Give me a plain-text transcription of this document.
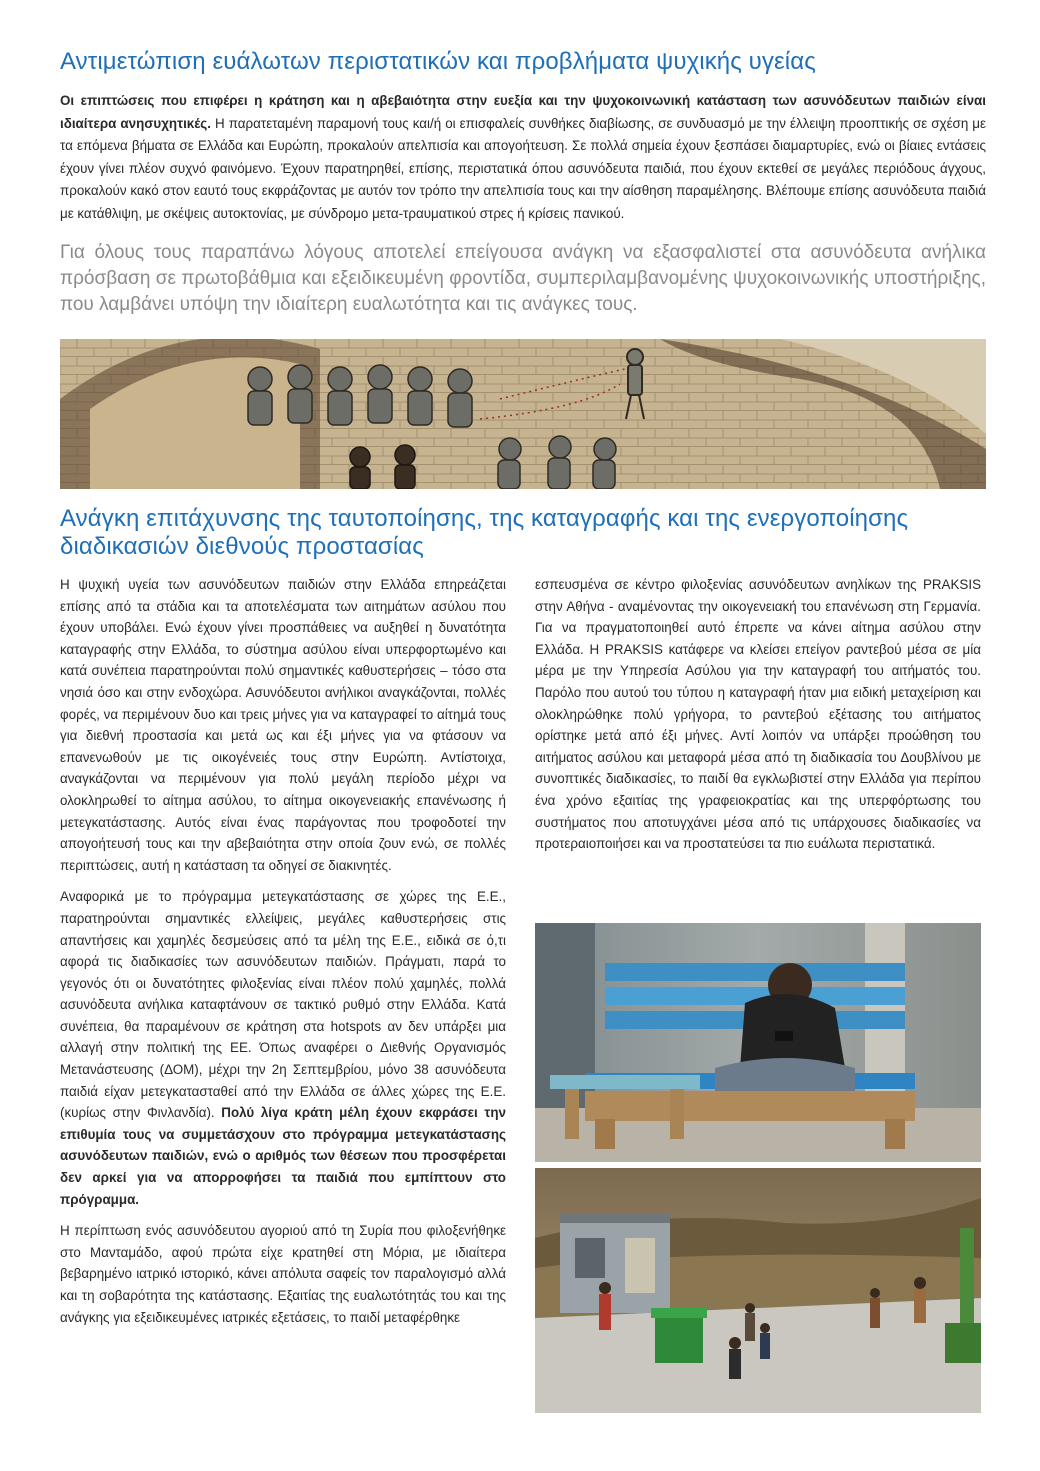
Αντιμετώπιση ευάλωτων περιστατικών και προβλήματα ψυχικής υγείας

Οι επιπτώσεις που επιφέρει η κράτηση και η αβεβαιότητα στην ευεξία και την ψυχοκοινωνική κατάσταση των ασυνόδευτων παιδιών είναι ιδιαίτερα ανησυχητικές. Η παρατεταμένη παραμονή τους και/ή οι επισφαλείς συνθήκες διαβίωσης, σε συνδυασμό με την έλλειψη προοπτικής σε σχέση με τα επόμενα βήματα σε Ελλάδα και Ευρώπη, προκαλούν απελπισία και απογοήτευση. Σε πολλά σημεία έχουν ξεσπάσει διαμαρτυρίες, ενώ οι βίαιες εντάσεις έχουν γίνει πλέον συχνό φαινόμενο. Έχουν παρατηρηθεί, επίσης, περιστατικά όπου ασυνόδευτα παιδιά, που έχουν εκτεθεί σε μεγάλες περιόδους άγχους, προκαλούν κακό στον εαυτό τους εκφράζοντας με αυτόν τον τρόπο την απελπισία τους και την αίσθηση παραμέλησης. Βλέπουμε επίσης ασυνόδευτα παιδιά με κατάθλιψη, με σκέψεις αυτοκτονίας, με σύνδρομο μετα-τραυματικού στρες ή κρίσεις πανικού.

Για όλους τους παραπάνω λόγους αποτελεί επείγουσα ανάγκη να εξασφαλιστεί στα ασυνόδευτα ανήλικα πρόσβαση σε πρωτοβάθμια και εξειδικευμένη φροντίδα, συμπεριλαμβανομένης ψυχοκοινωνικής υποστήριξης, που λαμβάνει υπόψη την ιδιαίτερη ευαλωτότητα και τις ανάγκες τους.

Ανάγκη επιτάχυνσης της ταυτοποίησης, της καταγραφής και της ενεργοποίησης διαδικασιών διεθνούς προστασίας

Η ψυχική υγεία των ασυνόδευτων παιδιών στην Ελλάδα επηρεάζεται επίσης από τα στάδια και τα αποτελέσματα των αιτημάτων ασύλου που έχουν υποβάλει. Ενώ έχουν γίνει προσπάθειες να αυξηθεί η δυνατότητα καταγραφής στην Ελλάδα, το σύστημα ασύλου είναι υπερφορτωμένο και κατά συνέπεια παρατηρούνται πολύ σημαντικές καθυστερήσεις – τόσο στα νησιά όσο και στην ενδοχώρα. Ασυνόδευτοι ανήλικοι αναγκάζονται, πολλές φορές, να περιμένουν δυο και τρεις μήνες για να καταγραφεί το αίτημά τους για διεθνή προστασία και μετά ως και έξι μήνες για να φτάσουν να επανενωθούν με τις οικογένειές τους στην Ευρώπη. Αντίστοιχα, αναγκάζονται να περιμένουν για πολύ μεγάλη περίοδο μέχρι να ολοκληρωθεί το αίτημα ασύλου, το αίτημα οικογενειακής επανένωσης ή μετεγκατάστασης. Αυτός είναι ένας παράγοντας που τροφοδοτεί την απογοήτευσή τους και την αβεβαιότητα στην οποία ζουν ενώ, σε πολλές περιπτώσεις, αυτή η κατάσταση τα οδηγεί σε διακινητές.

Αναφορικά με το πρόγραμμα μετεγκατάστασης σε χώρες της Ε.Ε., παρατηρούνται σημαντικές ελλείψεις, μεγάλες καθυστερήσεις στις απαντήσεις και χαμηλές δεσμεύσεις από τα μέλη της Ε.Ε., ειδικά σε ό,τι αφορά τις διαδικασίες των ασυνόδευτων παιδιών. Πράγματι, παρά το γεγονός ότι οι δυνατότητες φιλοξενίας είναι πλέον πολύ χαμηλές, πολλά ασυνόδευτα ανήλικα καταφτάνουν σε τακτικό ρυθμό στην Ελλάδα. Κατά συνέπεια, θα παραμένουν σε κράτηση στα hotspots αν δεν υπάρξει μια αλλαγή στην πολιτική της ΕΕ. Όπως αναφέρει ο Διεθνής Οργανισμός Μετανάστευσης (ΔΟΜ), μέχρι την 2η Σεπτεμβρίου, μόνο 38 ασυνόδευτα παιδιά είχαν μετεγκατασταθεί από την Ελλάδα σε άλλες χώρες της Ε.Ε. (κυρίως στην Φινλανδία). Πολύ λίγα κράτη μέλη έχουν εκφράσει την επιθυμία τους να συμμετάσχουν στο πρόγραμμα μετεγκατάστασης ασυνόδευτων παιδιών, ενώ ο αριθμός των θέσεων που προσφέρεται δεν αρκεί για να απορροφήσει τα παιδιά που εμπίπτουν στο πρόγραμμα.

Η περίπτωση ενός ασυνόδευτου αγοριού από τη Συρία που φιλοξενήθηκε στο Μανταμάδο, αφού πρώτα είχε κρατηθεί στη Μόρια, με ιδιαίτερα βεβαρημένο ιατρικό ιστορικό, κάνει απόλυτα σαφείς τον παραλογισμό αλλά και τη σοβαρότητα της κατάστασης. Εξαιτίας της ευαλωτότητάς του και της ανάγκης για εξειδικευμένες ιατρικές εξετάσεις, το παιδί μεταφέρθηκε

εσπευσμένα σε κέντρο φιλοξενίας ασυνόδευτων ανηλίκων της PRAKSIS στην Αθήνα - αναμένοντας την οικογενειακή του επανένωση στη Γερμανία. Για να πραγματοποιηθεί αυτό έπρεπε να κάνει αίτημα ασύλου στην Ελλάδα. Η PRAKSIS κατάφερε να κλείσει επείγον ραντεβού μέσα σε μία μέρα με την Υπηρεσία Ασύλου για την καταγραφή του αιτήματός του. Παρόλο που αυτού του τύπου η καταγραφή ήταν μια ειδική μεταχείριση και ολοκληρώθηκε πολύ γρήγορα, το ραντεβού εξέτασης του αιτήματος ορίστηκε μετά από έξι μήνες. Αντί λοιπόν να υπάρξει προώθηση του αιτήματος ασύλου και μεταφορά μέσα από τη διαδικασία του Δουβλίνου με συνοπτικές διαδικασίες, το παιδί θα εγκλωβιστεί στην Ελλάδα για περίπου ένα χρόνο εξαιτίας της γραφειοκρατίας και της υπερφόρτωσης του συστήματος που αποτυγχάνει μέσα από τις υπάρχουσες διαδικασίες να προτεραιοποιήσει και να προστατεύσει τα πιο ευάλωτα περιστατικά.
